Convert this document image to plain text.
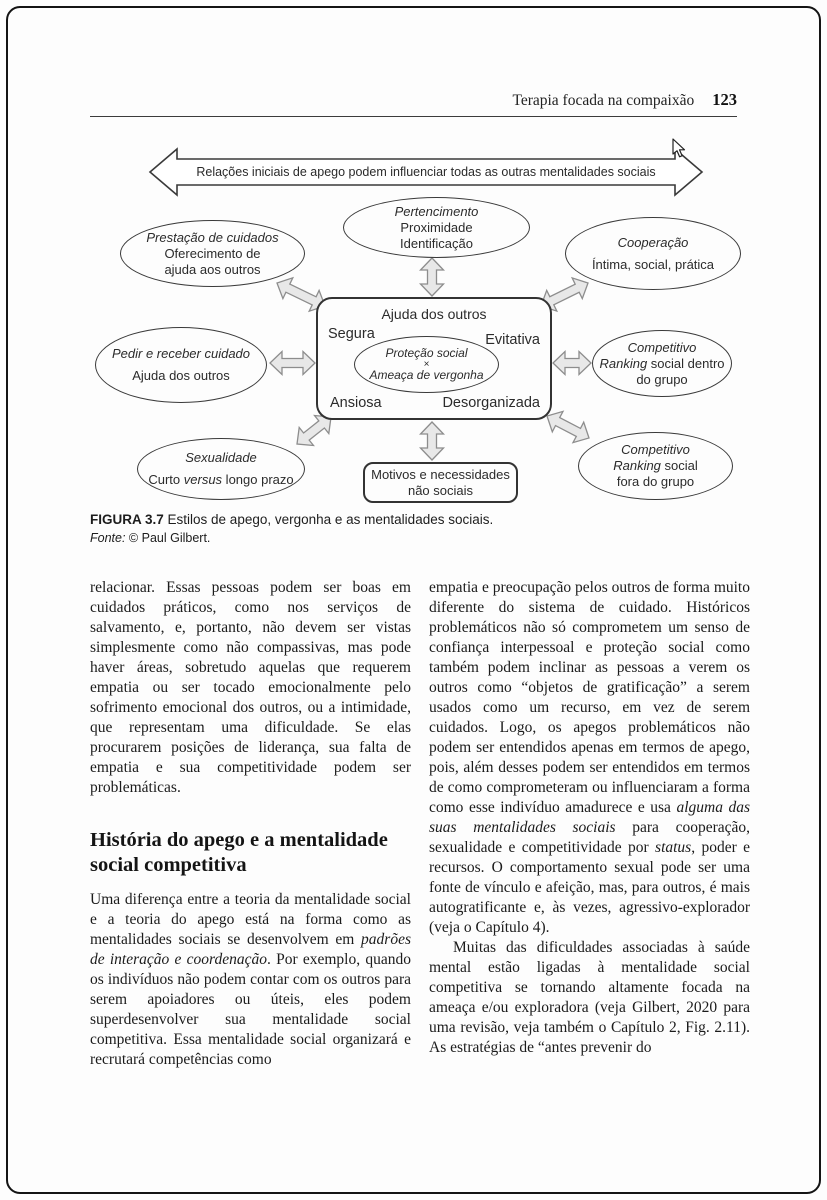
Terapia focada na compaixão 123
Relações iniciais de apego podem influenciar todas as outras mentalidades sociais
Pertencimento
Proximidade
Identificação
Prestação de cuidados
Oferecimento de
ajuda aos outros
Cooperação
Íntima, social, prática
Ajuda dos outros
Segura	Evitativa
Proteção social
×
Ameaça de vergonha
Ansiosa	Desorganizada
Pedir e receber cuidado
Ajuda dos outros
Competitivo
Ranking social dentro
do grupo
Sexualidade
Curto versus longo prazo	Motivos e necessidades
não sociais
Competitivo
Ranking social
fora do grupo
FIGURA 3.7 Estilos de apego, vergonha e as mentalidades sociais.
Fonte: © Paul Gilbert.

relacionar. Essas pessoas podem ser boas em cuidados práticos, como nos serviços de salvamento, e, portanto, não devem ser vistas simplesmente como não compassivas, mas pode haver áreas, sobretudo aquelas que requerem empatia ou ser tocado emocionalmente pelo sofrimento emocional dos outros, ou a intimidade, que representam uma dificuldade. Se elas procurarem posições de liderança, sua falta de empatia e sua competitividade podem ser problemáticas.

História do apego e a mentalidade social competitiva

Uma diferença entre a teoria da mentalidade social e a teoria do apego está na forma como as mentalidades sociais se desenvolvem em padrões de interação e coordenação. Por exemplo, quando os indivíduos não podem contar com os outros para serem apoiadores ou úteis, eles podem superdesenvolver sua mentalidade social competitiva. Essa mentalidade social organizará e recrutará competências como

empatia e preocupação pelos outros de forma muito diferente do sistema de cuidado. Históricos problemáticos não só comprometem um senso de confiança interpessoal e proteção social como também podem inclinar as pessoas a verem os outros como “objetos de gratificação” a serem usados como um recurso, em vez de serem cuidados. Logo, os apegos problemáticos não podem ser entendidos apenas em termos de apego, pois, além desses podem ser entendidos em termos de como comprometeram ou influenciaram a forma como esse indivíduo amadurece e usa alguma das suas mentalidades sociais para cooperação, sexualidade e competitividade por status, poder e recursos. O comportamento sexual pode ser uma fonte de vínculo e afeição, mas, para outros, é mais autogratificante e, às vezes, agressivo-explorador (veja o Capítulo 4).

Muitas das dificuldades associadas à saúde mental estão ligadas à mentalidade social competitiva se tornando altamente focada na ameaça e/ou exploradora (veja Gilbert, 2020 para uma revisão, veja também o Capítulo 2, Fig. 2.11). As estratégias de “antes prevenir do
